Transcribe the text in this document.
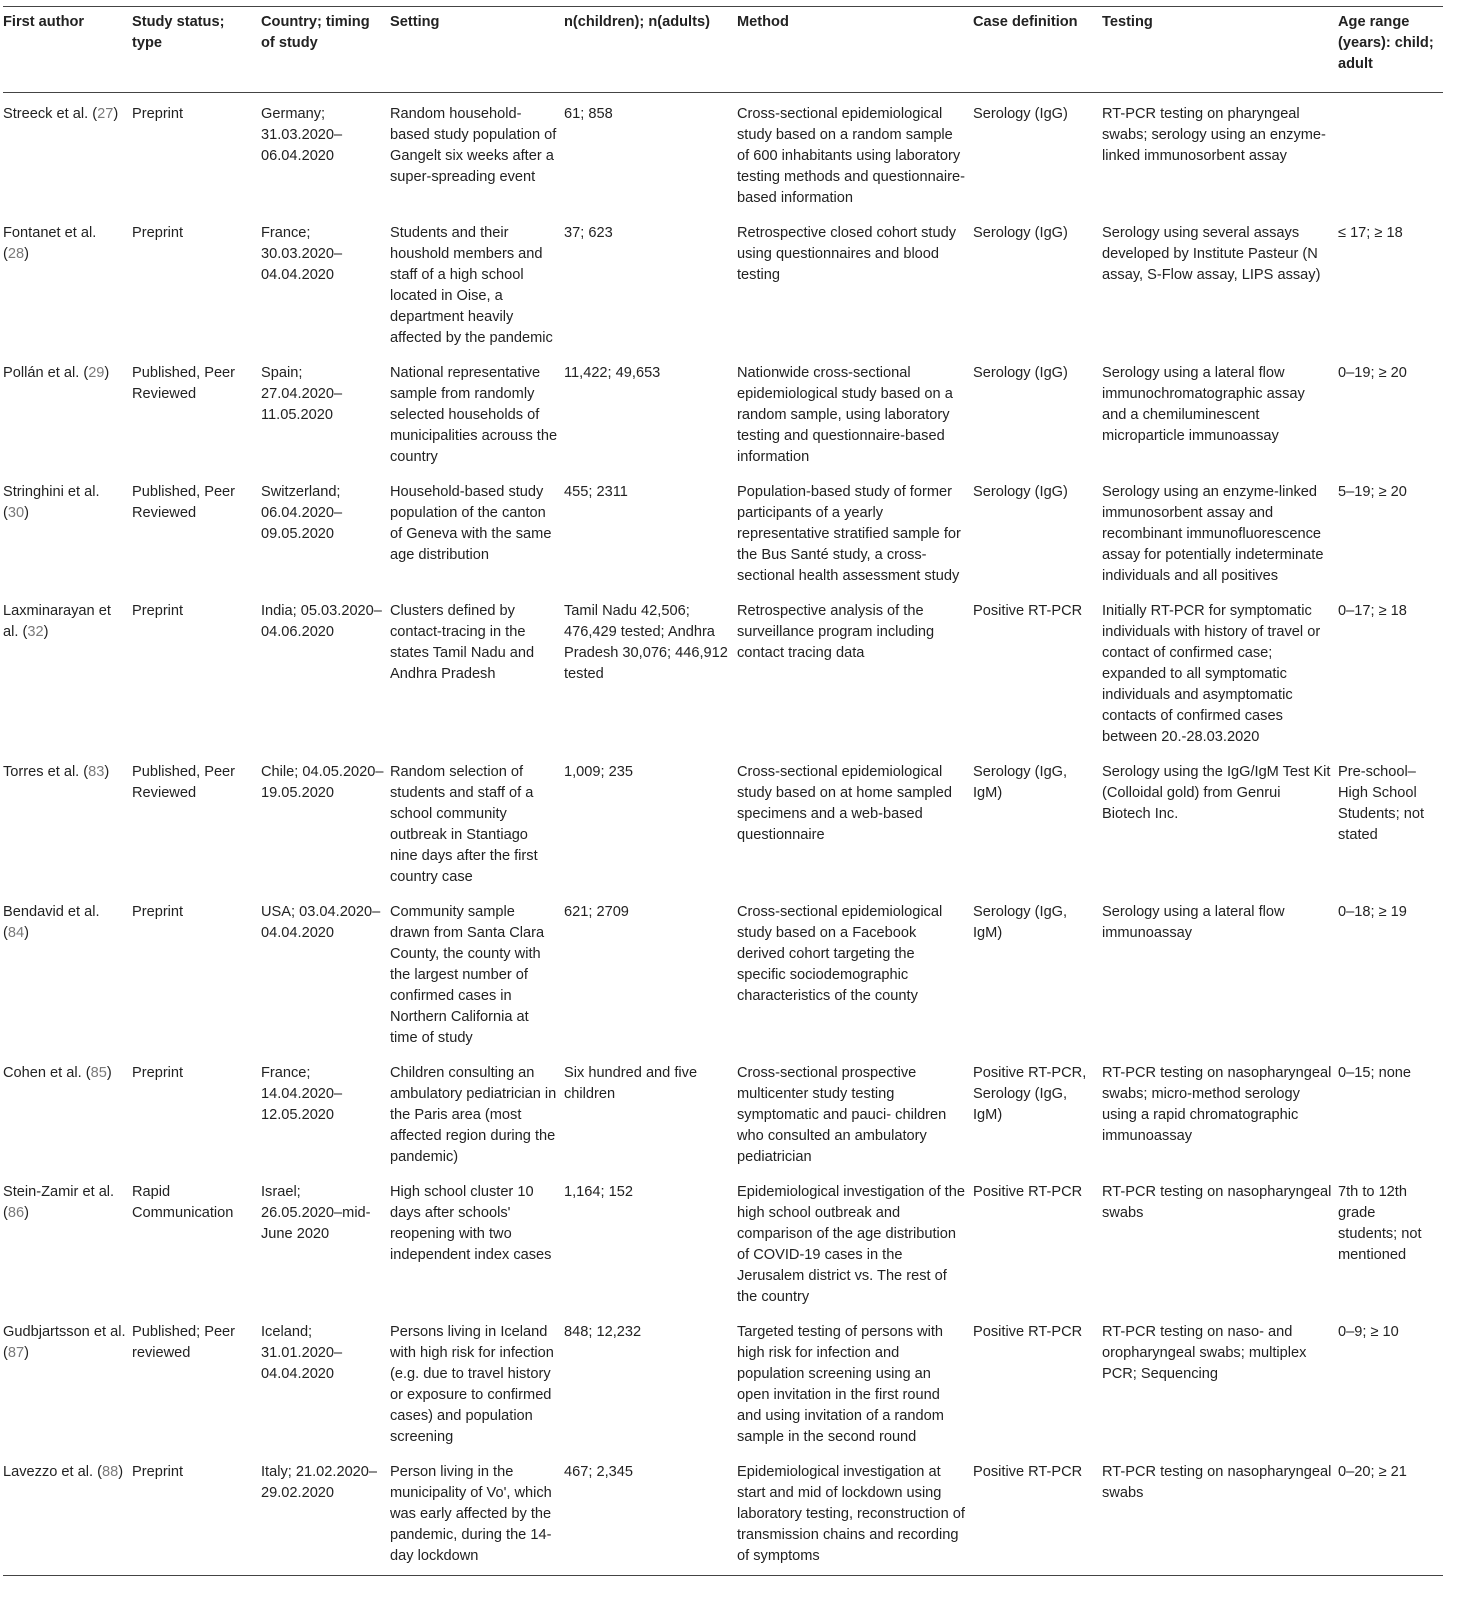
First author	Study status; type	Country; timing of study	Setting	n(children); n(adults)	Method	Case definition	Testing	Age range (years): child; adult
Streeck et al. (27)	Preprint	Germany; 31.03.2020–06.04.2020	Random household-based study population of Gangelt six weeks after a super-spreading event	61; 858	Cross-sectional epidemiological study based on a random sample of 600 inhabitants using laboratory testing methods and questionnaire-based information	Serology (IgG)	RT-PCR testing on pharyngeal swabs; serology using an enzyme-linked immunosorbent assay	
Fontanet et al. (28)	Preprint	France; 30.03.2020–04.04.2020	Students and their houshold members and staff of a high school located in Oise, a department heavily affected by the pandemic	37; 623	Retrospective closed cohort study using questionnaires and blood testing	Serology (IgG)	Serology using several assays developed by Institute Pasteur (N assay, S-Flow assay, LIPS assay)	≤ 17; ≥ 18
Pollán et al. (29)	Published, Peer Reviewed	Spain; 27.04.2020–11.05.2020	National representative sample from randomly selected households of municipalities acrouss the country	11,422; 49,653	Nationwide cross-sectional epidemiological study based on a random sample, using laboratory testing and questionnaire-based information	Serology (IgG)	Serology using a lateral flow immunochromatographic assay and a chemiluminescent microparticle immunoassay	0–19; ≥ 20
Stringhini et al. (30)	Published, Peer Reviewed	Switzerland; 06.04.2020–09.05.2020	Household-based study population of the canton of Geneva with the same age distribution	455; 2311	Population-based study of former participants of a yearly representative stratified sample for the Bus Santé study, a cross-sectional health assessment study	Serology (IgG)	Serology using an enzyme-linked immunosorbent assay and recombinant immunofluorescence assay for potentially indeterminate individuals and all positives	5–19; ≥ 20
Laxminarayan et al. (32)	Preprint	India; 05.03.2020–04.06.2020	Clusters defined by contact-tracing in the states Tamil Nadu and Andhra Pradesh	Tamil Nadu 42,506; 476,429 tested; Andhra Pradesh 30,076; 446,912 tested	Retrospective analysis of the surveillance program including contact tracing data	Positive RT-PCR	Initially RT-PCR for symptomatic individuals with history of travel or contact of confirmed case; expanded to all symptomatic individuals and asymptomatic contacts of confirmed cases between 20.-28.03.2020	0–17; ≥ 18
Torres et al. (83)	Published, Peer Reviewed	Chile; 04.05.2020–19.05.2020	Random selection of students and staff of a school community outbreak in Stantiago nine days after the first country case	1,009; 235	Cross-sectional epidemiological study based on at home sampled specimens and a web-based questionnaire	Serology (IgG, IgM)	Serology using the IgG/IgM Test Kit (Colloidal gold) from Genrui Biotech Inc.	Pre-school–High School Students; not stated
Bendavid et al. (84)	Preprint	USA; 03.04.2020–04.04.2020	Community sample drawn from Santa Clara County, the county with the largest number of confirmed cases in Northern California at time of study	621; 2709	Cross-sectional epidemiological study based on a Facebook derived cohort targeting the specific sociodemographic characteristics of the county	Serology (IgG, IgM)	Serology using a lateral flow immunoassay	0–18; ≥ 19
Cohen et al. (85)	Preprint	France; 14.04.2020–12.05.2020	Children consulting an ambulatory pediatrician in the Paris area (most affected region during the pandemic)	Six hundred and five children	Cross-sectional prospective multicenter study testing symptomatic and pauci- children who consulted an ambulatory pediatrician	Positive RT-PCR, Serology (IgG, IgM)	RT-PCR testing on nasopharyngeal swabs; micro-method serology using a rapid chromatographic immunoassay	0–15; none
Stein-Zamir et al. (86)	Rapid Communication	Israel; 26.05.2020–mid-June 2020	High school cluster 10 days after schools' reopening with two independent index cases	1,164; 152	Epidemiological investigation of the high school outbreak and comparison of the age distribution of COVID-19 cases in the Jerusalem district vs. The rest of the country	Positive RT-PCR	RT-PCR testing on nasopharyngeal swabs	7th to 12th grade students; not mentioned
Gudbjartsson et al. (87)	Published; Peer reviewed	Iceland; 31.01.2020–04.04.2020	Persons living in Iceland with high risk for infection (e.g. due to travel history or exposure to confirmed cases) and population screening	848; 12,232	Targeted testing of persons with high risk for infection and population screening using an open invitation in the first round and using invitation of a random sample in the second round	Positive RT-PCR	RT-PCR testing on naso- and oropharyngeal swabs; multiplex PCR; Sequencing	0–9; ≥ 10
Lavezzo et al. (88)	Preprint	Italy; 21.02.2020–29.02.2020	Person living in the municipality of Vo', which was early affected by the pandemic, during the 14-day lockdown	467; 2,345	Epidemiological investigation at start and mid of lockdown using laboratory testing, reconstruction of transmission chains and recording of symptoms	Positive RT-PCR	RT-PCR testing on nasopharyngeal swabs	0–20; ≥ 21
